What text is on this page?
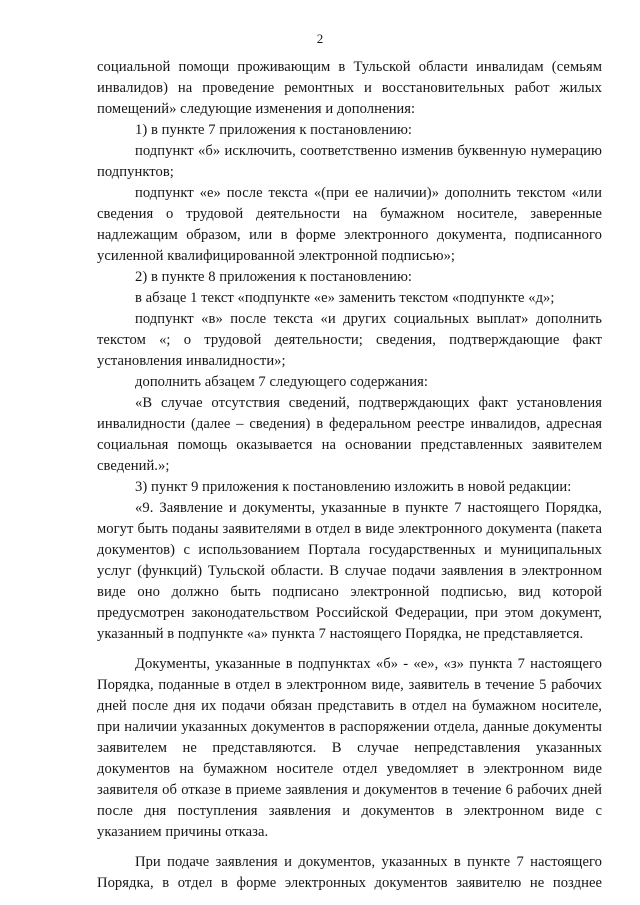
2

социальной помощи проживающим в Тульской области инвалидам (семьям инвалидов) на проведение ремонтных и восстановительных работ жилых помещений» следующие изменения и дополнения:

1) в пункте 7 приложения к постановлению:

подпункт «б» исключить, соответственно изменив буквенную нумерацию подпунктов;

подпункт «е» после текста «(при ее наличии)» дополнить текстом «или сведения о трудовой деятельности на бумажном носителе, заверенные надлежащим образом, или в форме электронного документа, подписанного усиленной квалифицированной электронной подписью»;

2) в пункте 8 приложения к постановлению:

в абзаце 1 текст «подпункте «е» заменить текстом «подпункте «д»;

подпункт «в» после текста «и других социальных выплат» дополнить текстом «; о трудовой деятельности; сведения, подтверждающие факт установления инвалидности»;

дополнить абзацем 7 следующего содержания:

«В случае отсутствия сведений, подтверждающих факт установления инвалидности (далее – сведения) в федеральном реестре инвалидов, адресная социальная помощь оказывается на основании представленных заявителем сведений.»;

3) пункт 9 приложения к постановлению изложить в новой редакции:

«9. Заявление и документы, указанные в пункте 7 настоящего Порядка, могут быть поданы заявителями в отдел в виде электронного документа (пакета документов) с использованием Портала государственных и муниципальных услуг (функций) Тульской области. В случае подачи заявления в электронном виде оно должно быть подписано электронной подписью, вид которой предусмотрен законодательством Российской Федерации, при этом документ, указанный в подпункте «а» пункта 7 настоящего Порядка, не представляется.

Документы, указанные в подпунктах «б» - «е», «з» пункта 7 настоящего Порядка, поданные в отдел в электронном виде, заявитель в течение 5 рабочих дней после дня их подачи обязан представить в отдел на бумажном носителе, при наличии указанных документов в распоряжении отдела, данные документы заявителем не представляются. В случае непредставления указанных документов на бумажном носителе отдел уведомляет в электронном виде заявителя об отказе в приеме заявления и документов в течение 6 рабочих дней после дня поступления заявления и документов в электронном виде с указанием причины отказа.

При подаче заявления и документов, указанных в пункте 7 настоящего Порядка, в отдел в форме электронных документов заявителю не позднее
